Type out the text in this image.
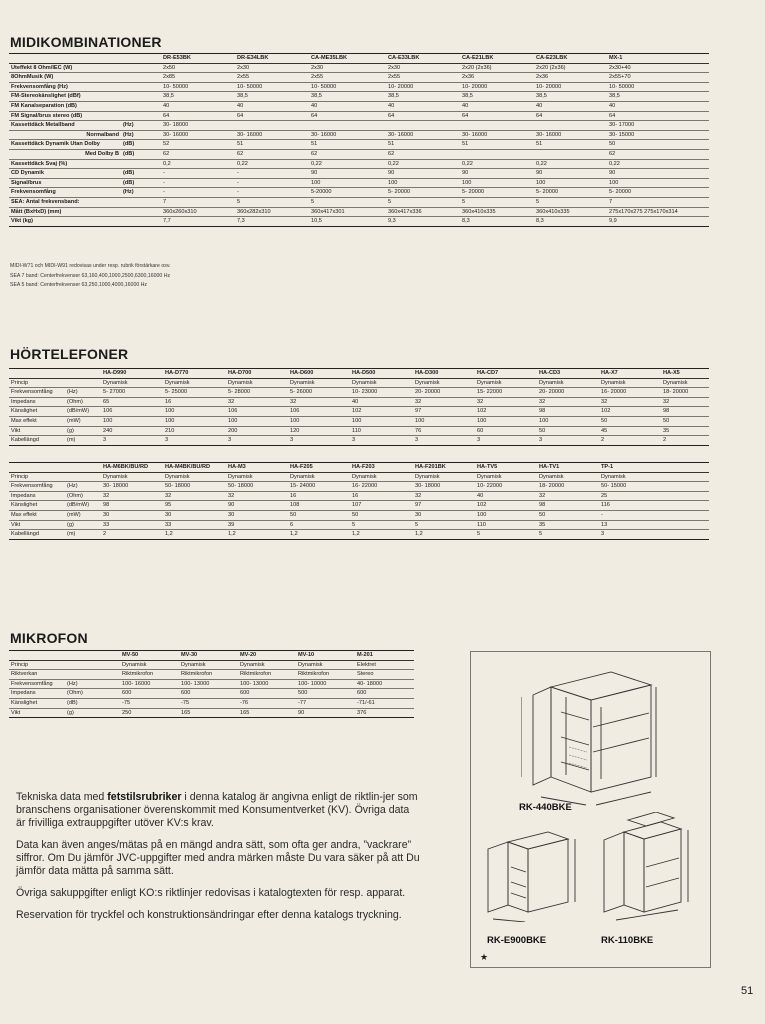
MIDIKOMBINATIONER
		DR-E53BK	DR-E34LBK	CA-ME35LBK	CA-E33LBK	CA-E21LBK	CA-E23LBK	MX-1
Uteffekt 8 Ohm/IEC (W)		2x50	2x30	2x30	2x30	2x20 (2x36)	2x20 (2x36)	2x30+40
8OhmMusik (W)		2x85	2x55	2x55	2x55	2x36	2x36	2x55+70
Frekvensomfång (Hz)		10- 50000	10- 50000	10- 50000	10- 20000	10- 20000	10- 20000	10- 50000
FM-Stereokänslighet (dBf)		38,5	38,5	38,5	38,5	38,5	38,5	38,5
FM Kanalseparation (dB)		40	40	40	40	40	40	40
FM Signal/brus stereo (dB)		64	64	64	64	64	64	64
Kassettdäck Metallband	(Hz)	30- 18000						30- 17000
Normalband	(Hz)	30- 16000	30- 16000	30- 16000	30- 16000	30- 16000	30- 16000	30- 15000
Kassettdäck Dynamik Utan Dolby	(dB)	52	51	51	51	51	51	50
Med Dolby B	(dB)	62	62	62	62			62
Kassettdäck Svaj (%)		0,2	0,22	0,22	0,22	0,22	0,22	0,22
CD Dynamik	(dB)	-	-	90	90	90	90	90
Signal/brus	(dB)	-	-	100	100	100	100	100
Frekvensomfång	(Hz)	-	-	5-20000	5- 20000	5- 20000	5- 20000	5- 20000
SEA: Antal frekvensband:		7	5	5	5	5	5	7
Mått (BxHxD) (mm)		360x260x310	360x282x310	360x417x301	360x417x336	360x410x335	360x410x335	275x170x275 275x170x314
Vikt (kg)		7,7	7,3	10,5	9,3	8,3	8,3	9,9
MIDI-W71 och MIDI-W91 redovisas under resp. rubrik förstärkare osv.
SEA 7 band: Centerfrekvenser 63,160,400,1000,2500,6300,16000 Hz
SEA 5 band: Centerfrekvenser 63,250,1000,4000,16000 Hz
HÖRTELEFONER
		HA-D990	HA-D770	HA-D700	HA-D600	HA-D500	HA-D300	HA-CD7	HA-CD3	HA-X7	HA-X5
Princip		Dynamisk	Dynamisk	Dynamisk	Dynamisk	Dynamisk	Dynamisk	Dynamisk	Dynamisk	Dynamisk	Dynamisk
Frekvensomfång	(Hz)	5- 27000	5- 25000	5- 28000	5- 26000	10- 23000	20- 20000	15- 22000	20- 20000	16- 20000	18- 20000
Impedans	(Ohm)	65	16	32	32	40	32	32	32	32	32
Känslighet	(dB/mW)	106	100	106	106	102	97	102	98	102	98
Max effekt	(mW)	100	100	100	100	100	100	100	100	50	50
Vikt	(g)	240	210	200	120	110	76	60	50	45	35
Kabellängd	(m)	3	3	3	3	3	3	3	3	2	2
		HA-M6BK/BU/RD	HA-M4BK/BU/RD	HA-M3	HA-F205	HA-F203	HA-F201BK	HA-TV5	HA-TV1	TP-1	
Princip		Dynamisk	Dynamisk	Dynamisk	Dynamisk	Dynamisk	Dynamisk	Dynamisk	Dynamisk	Dynamisk	
Frekvensomfång	(Hz)	30- 18000	50- 18000	50- 18000	15- 24000	16- 22000	30- 18000	10- 22000	18- 20000	50- 15000	
Impedans	(Ohm)	32	32	32	16	16	32	40	32	25	
Känslighet	(dB/mW)	98	95	90	108	107	97	102	98	116	
Max effekt	(mW)	30	30	30	50	50	30	100	50	-	
Vikt	(g)	33	33	39	6	5	5	110	35	13	
Kabellängd	(m)	2	1,2	1,2	1,2	1,2	1,2	5	5	3	
MIKROFON
		MV-50	MV-30	MV-20	MV-10	M-201
Princip		Dynamisk	Dynamisk	Dynamisk	Dynamisk	Elektret
Riktverkan		Riktmikrofon	Riktmikrofon	Riktmikrofon	Riktmikrofon	Stereo
Frekvensomfång	(Hz)	100- 16000	100- 13000	100- 13000	100- 10000	40- 18000
Impedans	(Ohm)	600	600	600	500	600
Känslighet	(dB)	-75	-75	-76	-77	-71/-61
Vikt	(g)	250	165	165	90	376

Tekniska data med fetstilsrubriker i denna katalog är angivna enligt de riktlin-jer som branschens organisationer överenskommit med Konsumentverket (KV). Övriga data är frivilliga extrauppgifter utöver KV:s krav.

Data kan även anges/mätas på en mängd andra sätt, som ofta ger andra, ”vackrare” siffror. Om Du jämför JVC-uppgifter med andra märken måste Du vara säker på att Du jämför data mätta på samma sätt.

Övriga sakuppgifter enligt KO:s riktlinjer redovisas i katalogtexten för resp. apparat.

Reservation för tryckfel och konstruktionsändringar efter denna katalogs tryckning.

RK-440BKE
RK-E900BKE	RK-110BKE
★
51
